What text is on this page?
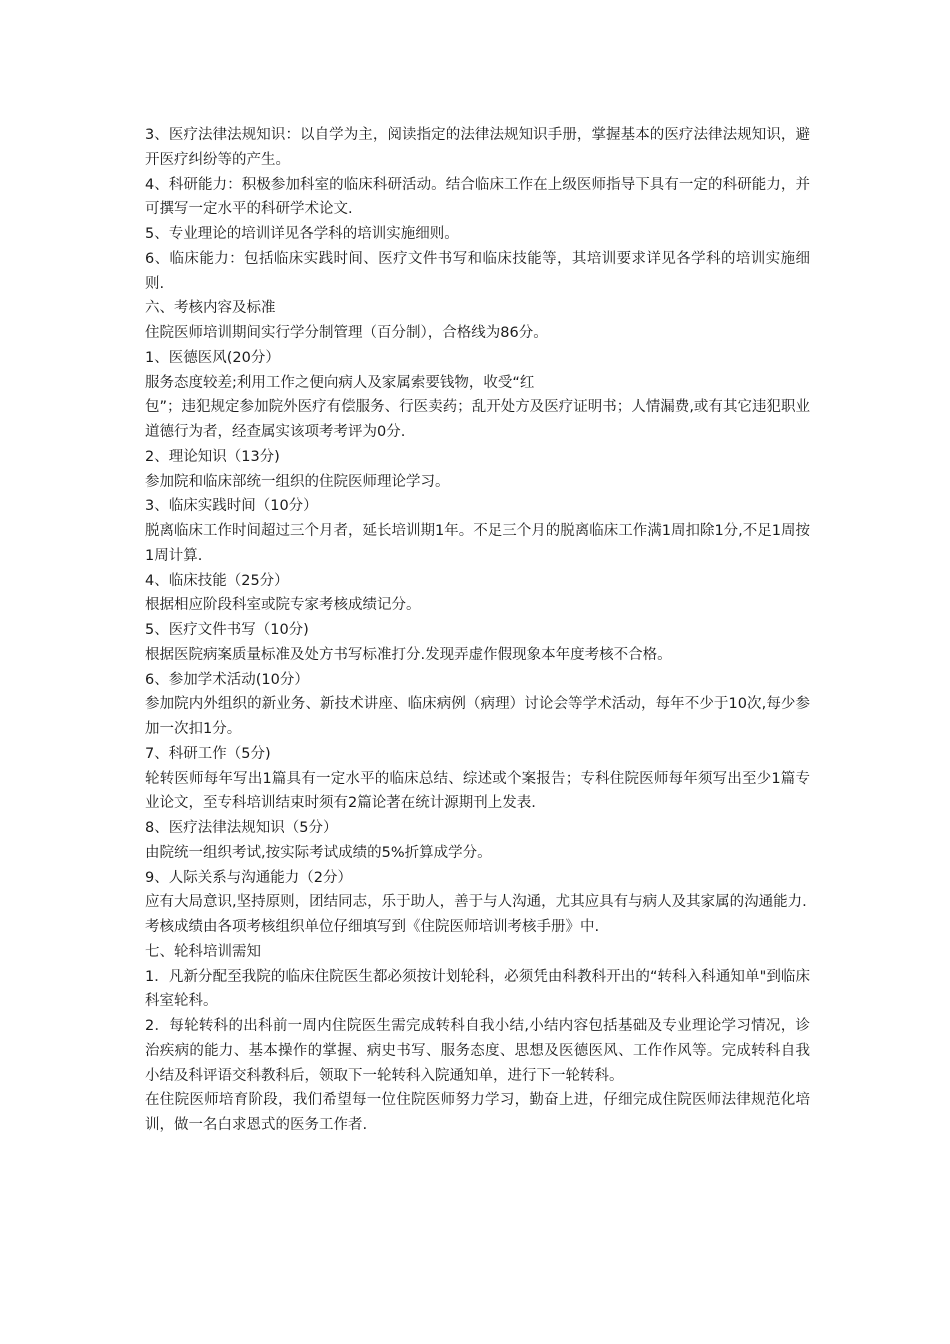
3、医疗法律法规知识：以自学为主，阅读指定的法律法规知识手册，掌握基本的医疗法律法规知识，避开医疗纠纷等的产生。

4、科研能力：积极参加科室的临床科研活动。结合临床工作在上级医师指导下具有一定的科研能力，并可撰写一定水平的科研学术论文.

5、专业理论的培训详见各学科的培训实施细则。

6、临床能力：包括临床实践时间、医疗文件书写和临床技能等，其培训要求详见各学科的培训实施细则.

六、考核内容及标准

住院医师培训期间实行学分制管理（百分制），合格线为86分。

1、医德医风(20分）

服务态度较差;利用工作之便向病人及家属索要钱物，收受“红

包”；违犯规定参加院外医疗有偿服务、行医卖药；乱开处方及医疗证明书；人情漏费,或有其它违犯职业道德行为者，经查属实该项考考评为0分.

2、理论知识（13分)

参加院和临床部统一组织的住院医师理论学习。

3、临床实践时间（10分）

脱离临床工作时间超过三个月者，延长培训期1年。不足三个月的脱离临床工作满1周扣除1分,不足1周按1周计算.

4、临床技能（25分）

根据相应阶段科室或院专家考核成绩记分。

5、医疗文件书写（10分)

根据医院病案质量标准及处方书写标准打分.发现弄虚作假现象本年度考核不合格。

6、参加学术活动(10分）

参加院内外组织的新业务、新技术讲座、临床病例（病理）讨论会等学术活动，每年不少于10次,每少参加一次扣1分。

7、科研工作（5分)

轮转医师每年写出1篇具有一定水平的临床总结、综述或个案报告；专科住院医师每年须写出至少1篇专业论文，至专科培训结束时须有2篇论著在统计源期刊上发表.

8、医疗法律法规知识（5分）

由院统一组织考试,按实际考试成绩的5%折算成学分。

9、人际关系与沟通能力（2分）

应有大局意识,坚持原则，团结同志，乐于助人，善于与人沟通，尤其应具有与病人及其家属的沟通能力.

考核成绩由各项考核组织单位仔细填写到《住院医师培训考核手册》中.

七、轮科培训需知

1．凡新分配至我院的临床住院医生都必须按计划轮科，必须凭由科教科开出的“转科入科通知单"到临床科室轮科。

2．每轮转科的出科前一周内住院医生需完成转科自我小结,小结内容包括基础及专业理论学习情况，诊治疾病的能力、基本操作的掌握、病史书写、服务态度、思想及医德医风、工作作风等。完成转科自我小结及科评语交科教科后，领取下一轮转科入院通知单，进行下一轮转科。

在住院医师培育阶段，我们希望每一位住院医师努力学习，勤奋上进，仔细完成住院医师法律规范化培训，做一名白求恩式的医务工作者.
